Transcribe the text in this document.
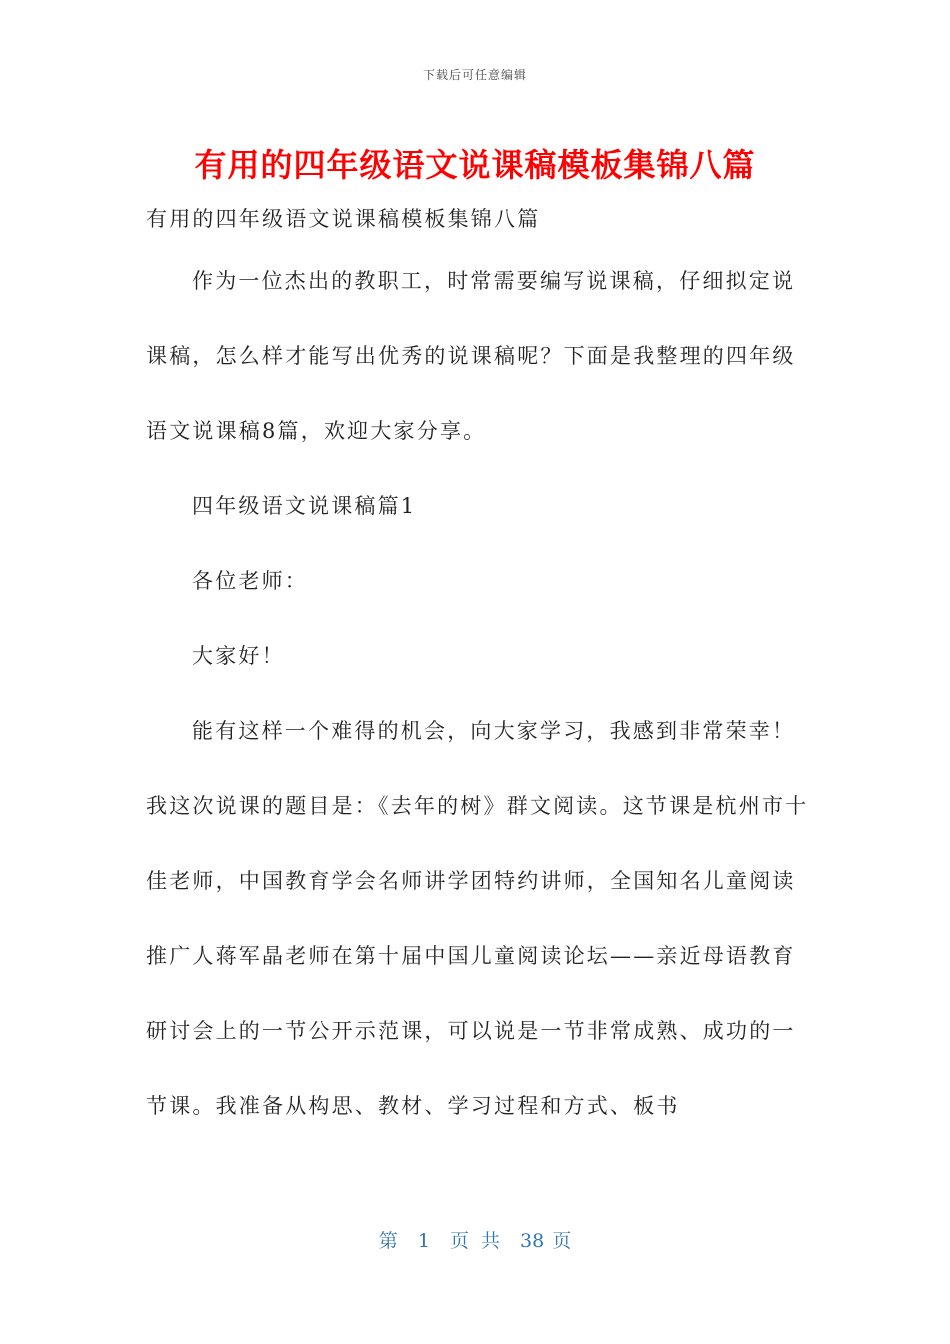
下载后可任意编辑
有用的四年级语文说课稿模板集锦八篇

有用的四年级语文说课稿模板集锦八篇

作为一位杰出的教职工，时常需要编写说课稿，仔细拟定说课稿，怎么样才能写出优秀的说课稿呢？下面是我整理的四年级语文说课稿8篇，欢迎大家分享。

四年级语文说课稿篇1

各位老师：

大家好！

能有这样一个难得的机会，向大家学习，我感到非常荣幸！我这次说课的题目是：《去年的树》群文阅读。这节课是杭州市十佳老师，中国教育学会名师讲学团特约讲师，全国知名儿童阅读推广人蒋军晶老师在第十届中国儿童阅读论坛——亲近母语教育研讨会上的一节公开示范课，可以说是一节非常成熟、成功的一节课。我准备从构思、教材、学习过程和方式、板书

第 1 页 共 38 页
